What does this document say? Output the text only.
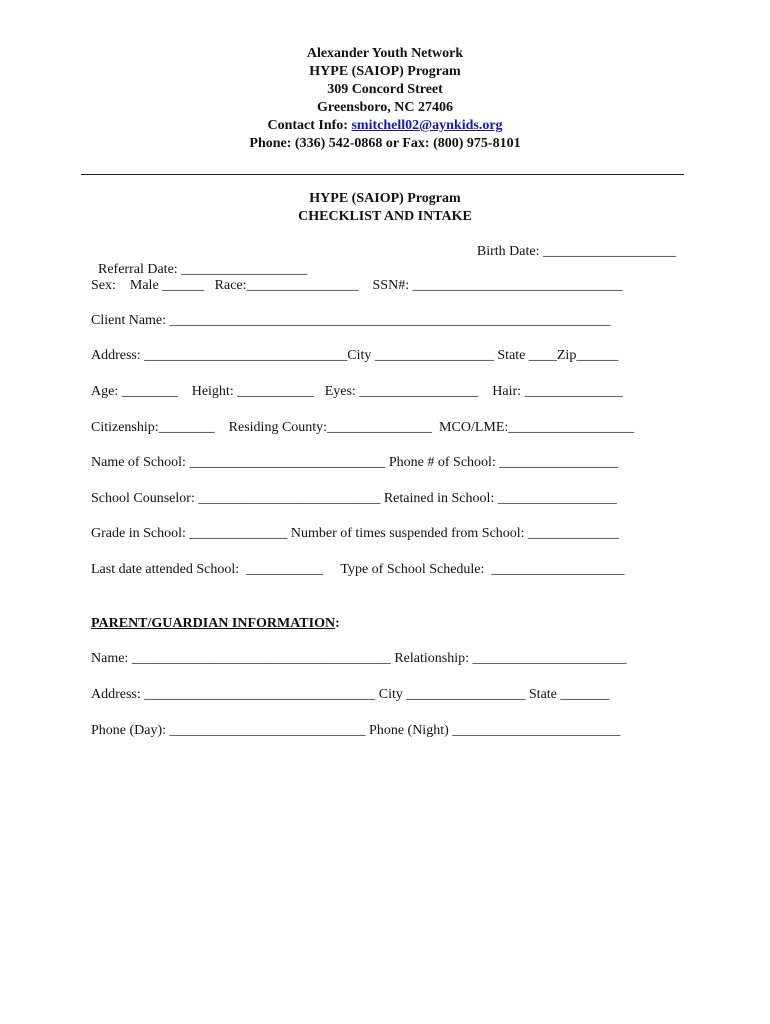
Alexander Youth Network
HYPE (SAIOP) Program
309 Concord Street
Greensboro, NC 27406
Contact Info: smitchell02@aynkids.org
Phone: (336) 542-0868 or Fax: (800) 975-8101
HYPE (SAIOP) Program
CHECKLIST AND INTAKE

Referral Date: __________________

Birth Date: ___________________

Sex:    Male ______   Race:________________    SSN#: ______________________________
Client Name: _______________________________________________________________
Address: _____________________________City _________________ State ____Zip______
Age: ________    Height: ___________   Eyes: _________________    Hair: ______________
Citizenship:________    Residing County:_______________  MCO/LME:__________________
Name of School: ____________________________ Phone # of School: _________________
School Counselor: __________________________ Retained in School: _________________
Grade in School: ______________ Number of times suspended from School: _____________
Last date attended School:  ___________     Type of School Schedule:  ___________________
PARENT/GUARDIAN INFORMATION:
Name: _____________________________________ Relationship: ______________________
Address: _________________________________ City _________________ State _______
Phone (Day): ____________________________ Phone (Night) ________________________
